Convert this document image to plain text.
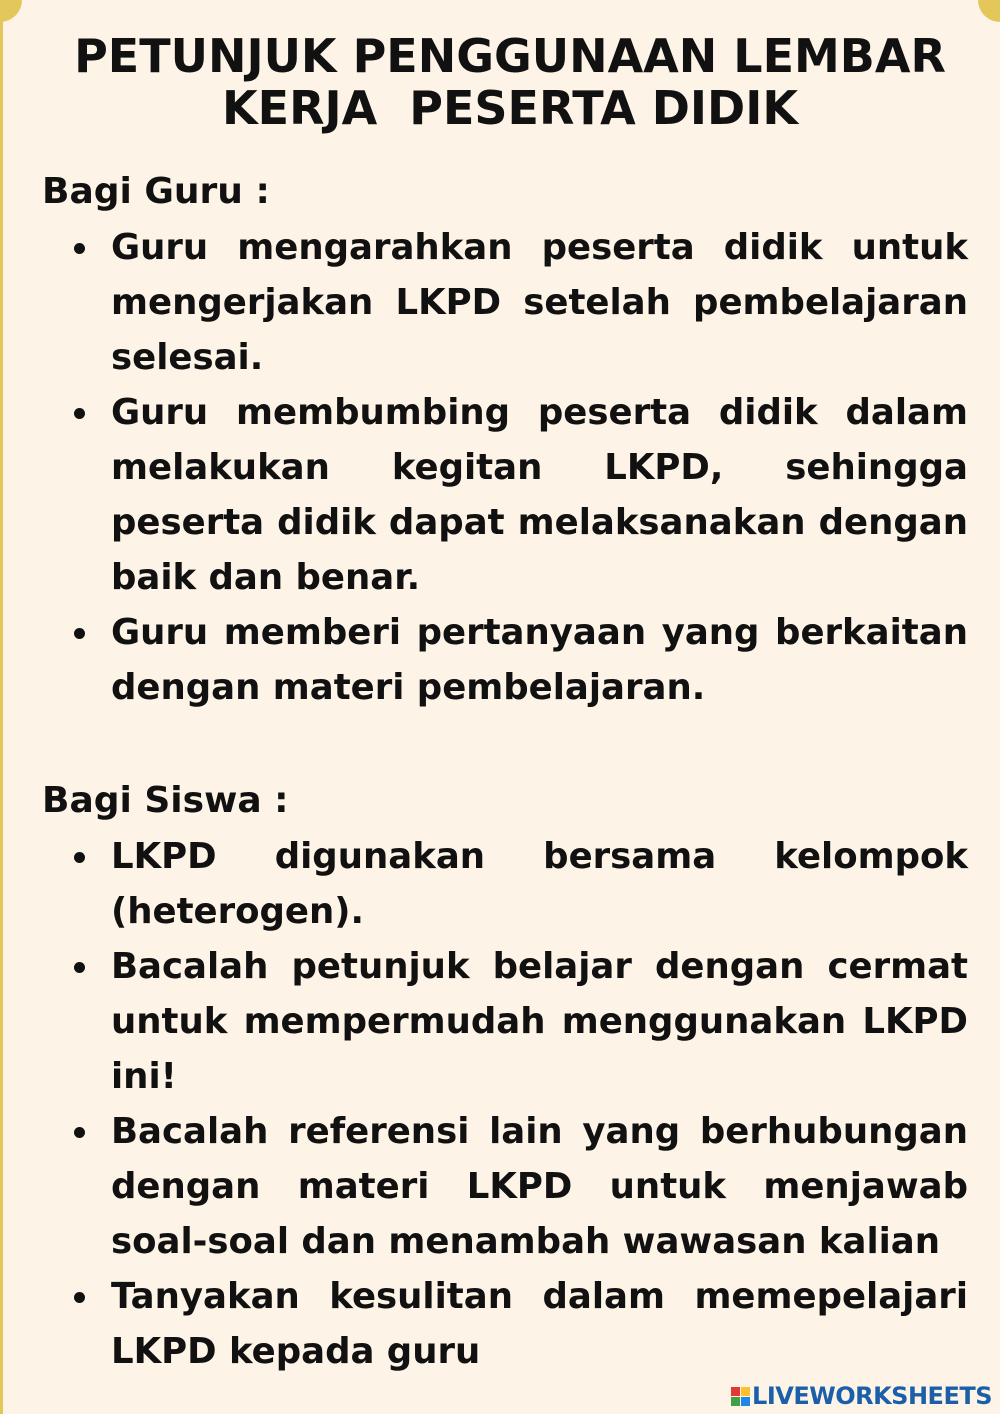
PETUNJUK PENGGUNAAN LEMBAR
KERJA  PESERTA DIDIK
Bagi Guru :
Guru mengarahkan peserta didik untuk mengerjakan LKPD setelah pembelajaran selesai.
Guru membumbing peserta didik dalam melakukan kegitan LKPD, sehingga peserta didik dapat melaksanakan dengan baik dan benar.
Guru memberi pertanyaan yang berkaitan dengan materi pembelajaran.
Bagi Siswa :
LKPD digunakan bersama kelompok (heterogen).
Bacalah petunjuk belajar dengan cermat untuk mempermudah menggunakan LKPD ini!
Bacalah referensi lain yang berhubungan dengan materi LKPD untuk menjawab soal-soal dan menambah wawasan kalian
Tanyakan kesulitan dalam memepelajari LKPD kepada guru
LIVEWORKSHEETS
